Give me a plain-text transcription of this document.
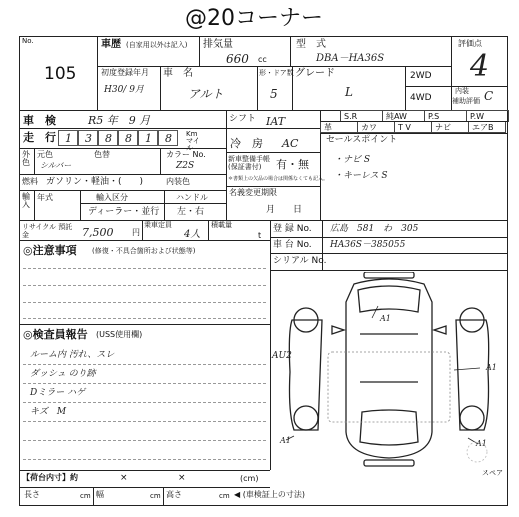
@20コーナー
No.
105
車歴 (自家用以外は記入) 排気量
660 cc
型　式
DBA－HA36S
評価点
4
初度登録年月
H30/ 9月
車　名
アルト
形・ドア数
5
グレード
L
2WD
4WD
内装
補助評価 C
車　検	R5 年　9 月
走　行 1 3 8 8 1 8 Km マイル
外色
元色	色替
シルバー
カラー No.
Z2S
燃料 ガソリン・軽油・(　　)	内装色
輸入
年式	輸入区分
ディーラー・並行
ハンドル
左・右
シフト IAT
冷　房 AC
新車整備手帳 (保証書付)	有・無
＊書類上の欠品の場合は関係なくても記入。
名義変更期限
月　　日
S.R	純AW	P.S	P.W
革	カワ	T V	ナビ	エアB
セールスポイント
・ナビ S
・キーレス S
リサイクル 預託金	7,500 円
乗車定員
4人
積載量
t
登 録 No. 広島　581　わ　305
車 台 No. HA36S－385055
シリアル No.
◎注意事項 (修復・不具合箇所および状態等)
◎検査員報告 (USS使用欄)
ルーム内 汚れ、スレ
ダッシュ のり跡
Dミラー ハゲ
キズ　M
AU2
A1
A1
A1	A1
スペア
【荷台内寸】約	×	×	(cm)
長さ	cm 幅	cm 高さ	cm ◀ (車検証上の寸法)
